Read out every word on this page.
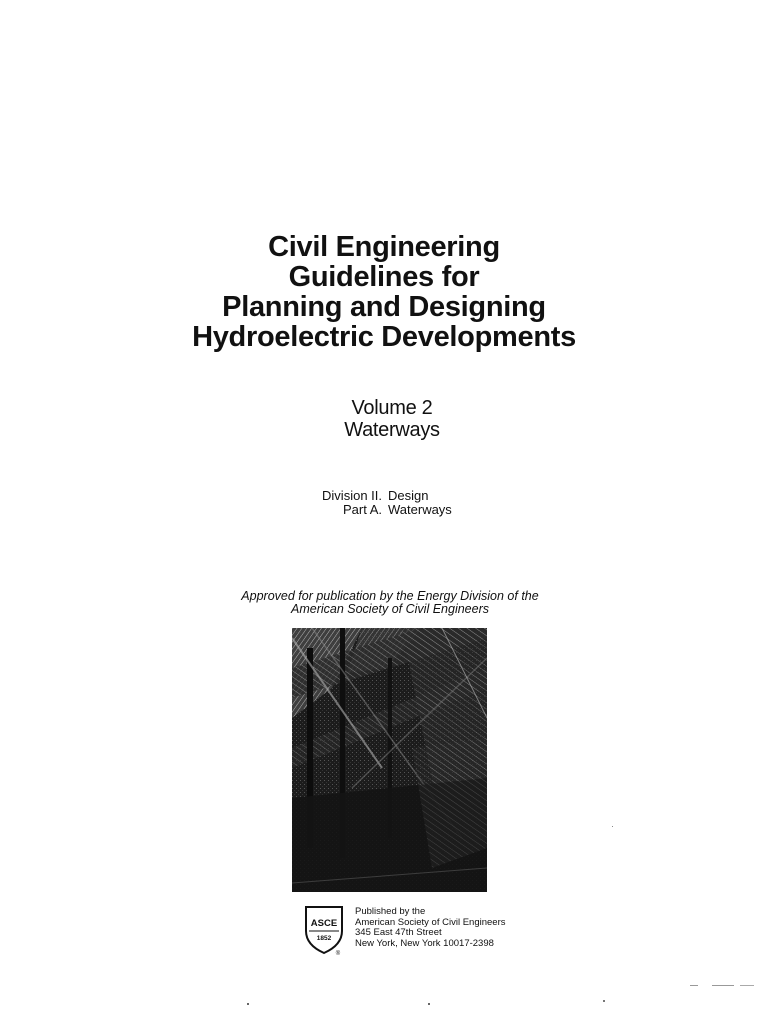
Civil Engineering
Guidelines for
Planning and Designing
Hydroelectric Developments
Volume 2
Waterways
Division II. Design
Part A. Waterways
Approved for publication by the Energy Division of the
American Society of Civil Engineers
ASCE
1852
®
Published by the
American Society of Civil Engineers
345 East 47th Street
New York, New York 10017-2398
